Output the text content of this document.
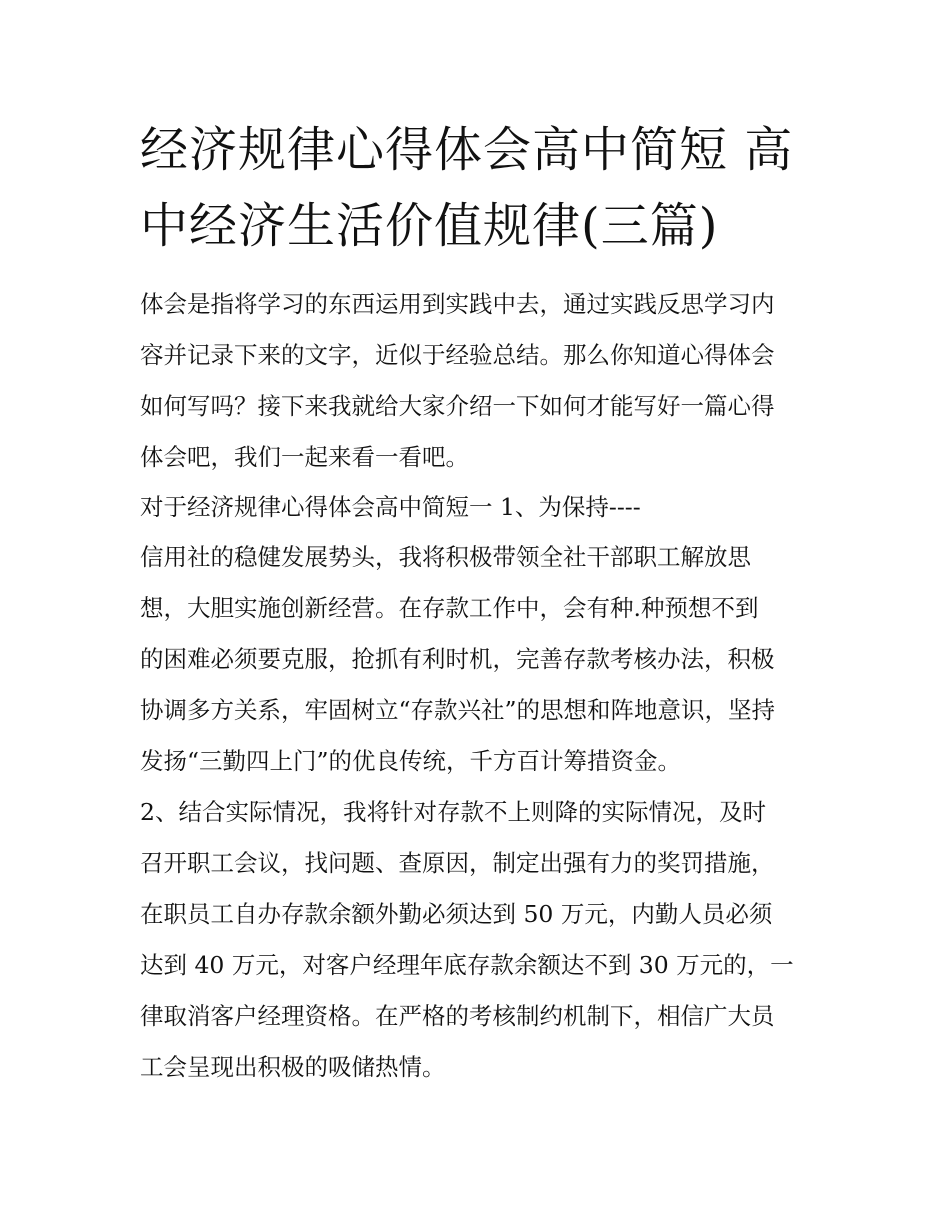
经济规律心得体会高中简短 高
中经济生活价值规律(三篇)
体会是指将学习的东西运用到实践中去，通过实践反思学习内
容并记录下来的文字，近似于经验总结。那么你知道心得体会
如何写吗？接下来我就给大家介绍一下如何才能写好一篇心得
体会吧，我们一起来看一看吧。
对于经济规律心得体会高中简短一 1、为保持----
信用社的稳健发展势头，我将积极带领全社干部职工解放思
想，大胆实施创新经营。在存款工作中，会有种.种预想不到
的困难必须要克服，抢抓有利时机，完善存款考核办法，积极
协调多方关系，牢固树立“存款兴社”的思想和阵地意识，坚持
发扬“三勤四上门”的优良传统，千方百计筹措资金。
2、结合实际情况，我将针对存款不上则降的实际情况，及时
召开职工会议，找问题、查原因，制定出强有力的奖罚措施，
在职员工自办存款余额外勤必须达到 50 万元，内勤人员必须
达到 40 万元，对客户经理年底存款余额达不到 30 万元的，一
律取消客户经理资格。在严格的考核制约机制下，相信广大员
工会呈现出积极的吸储热情。
